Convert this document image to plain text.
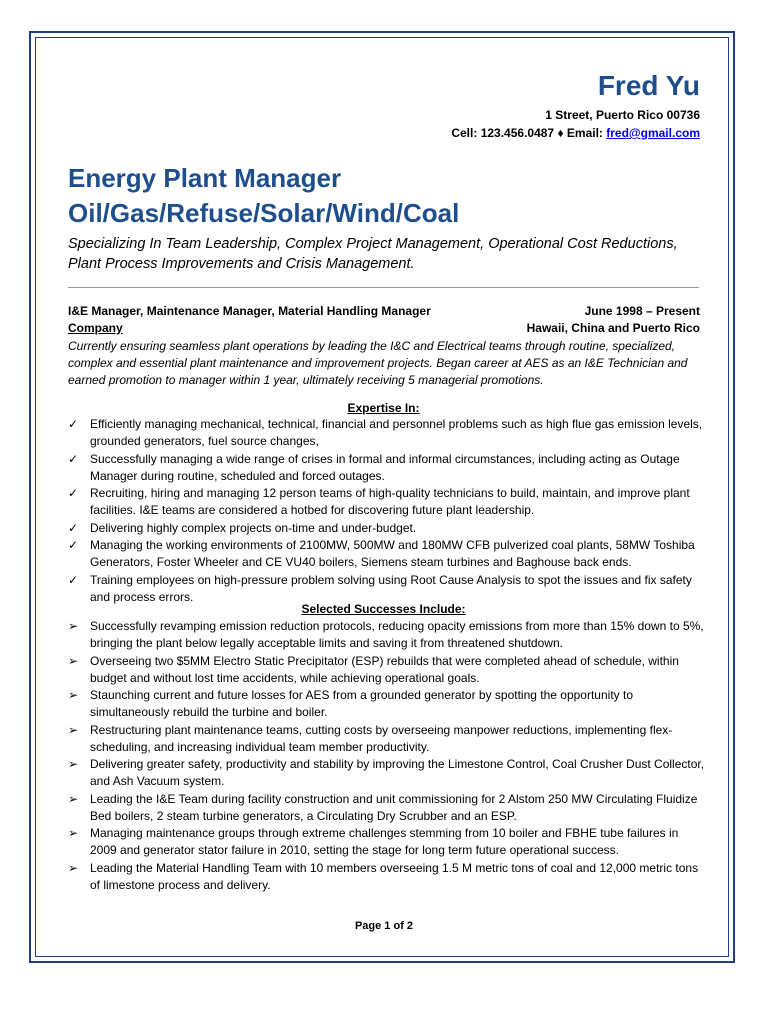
Fred Yu
1 Street, Puerto Rico 00736
Cell: 123.456.0487 ♦ Email: fred@gmail.com
Energy Plant Manager
Oil/Gas/Refuse/Solar/Wind/Coal
Specializing In Team Leadership, Complex Project Management, Operational Cost Reductions, Plant Process Improvements and Crisis Management.
I&E Manager, Maintenance Manager, Material Handling Manager	June 1998 – Present
Company	Hawaii, China and Puerto Rico
Currently ensuring seamless plant operations by leading the I&C and Electrical teams through routine, specialized, complex and essential plant maintenance and improvement projects. Began career at AES as an I&E Technician and earned promotion to manager within 1 year, ultimately receiving 5 managerial promotions.
Expertise In:
✓ Efficiently managing mechanical, technical, financial and personnel problems such as high flue gas emission levels, grounded generators, fuel source changes,
✓ Successfully managing a wide range of crises in formal and informal circumstances, including acting as Outage Manager during routine, scheduled and forced outages.
✓ Recruiting, hiring and managing 12 person teams of high-quality technicians to build, maintain, and improve plant facilities. I&E teams are considered a hotbed for discovering future plant leadership.
✓ Delivering highly complex projects on-time and under-budget.
✓ Managing the working environments of 2100MW, 500MW and 180MW CFB pulverized coal plants, 58MW Toshiba Generators, Foster Wheeler and CE VU40 boilers, Siemens steam turbines and Baghouse back ends.
✓ Training employees on high-pressure problem solving using Root Cause Analysis to spot the issues and fix safety and process errors.
Selected Successes Include:
➢ Successfully revamping emission reduction protocols, reducing opacity emissions from more than 15% down to 5%, bringing the plant below legally acceptable limits and saving it from threatened shutdown.
➢ Overseeing two $5MM Electro Static Precipitator (ESP) rebuilds that were completed ahead of schedule, within budget and without lost time accidents, while achieving operational goals.
➢ Staunching current and future losses for AES from a grounded generator by spotting the opportunity to simultaneously rebuild the turbine and boiler.
➢ Restructuring plant maintenance teams, cutting costs by overseeing manpower reductions, implementing flex-scheduling, and increasing individual team member productivity.
➢ Delivering greater safety, productivity and stability by improving the Limestone Control, Coal Crusher Dust Collector, and Ash Vacuum system.
➢ Leading the I&E Team during facility construction and unit commissioning for 2 Alstom 250 MW Circulating Fluidize Bed boilers, 2 steam turbine generators, a Circulating Dry Scrubber and an ESP.
➢ Managing maintenance groups through extreme challenges stemming from 10 boiler and FBHE tube failures in 2009 and generator stator failure in 2010, setting the stage for long term future operational success.
➢ Leading the Material Handling Team with 10 members overseeing 1.5 M metric tons of coal and 12,000 metric tons of limestone process and delivery.
Page 1 of 2
